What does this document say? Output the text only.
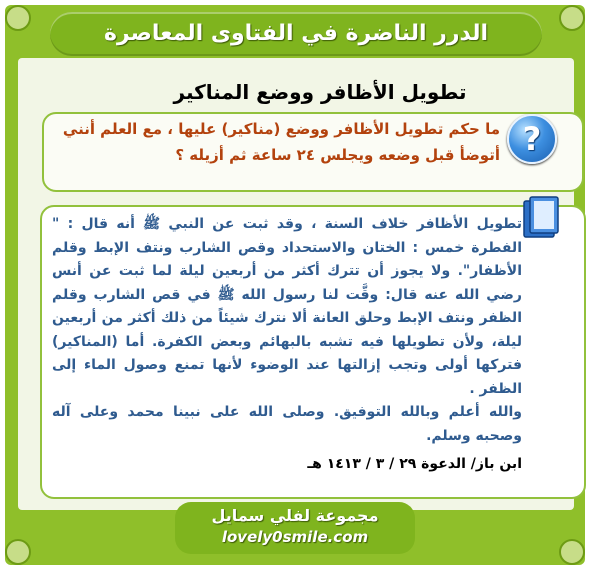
الدرر الناضرة في الفتاوى المعاصرة
تطويل الأظافر ووضع المناكير
?
ما حكم تطويل الأظافر ووضع (مناكير) عليها ، مع العلم أنني أتوضأ قبل وضعه ويجلس ٢٤ ساعة ثم أزيله ؟

تطويل الأظافر خلاف السنة ، وقد ثبت عن النبي ﷺ أنه قال : " الفطرة خمس : الختان والاستحداد وقص الشارب ونتف الإبط وقلم الأظفار". ولا يجوز أن تترك أكثر من أربعين ليلة لما ثبت عن أنس رضي الله عنه قال: وقَّت لنا رسول الله ﷺ في قص الشارب وقلم الظفر ونتف الإبط وحلق العانة ألا نترك شيئاً من ذلك أكثر من أربعين ليلة، ولأن تطويلها فيه تشبه بالبهائم وبعض الكفرة. أما (المناكير) فتركها أولى وتجب إزالتها عند الوضوء لأنها تمنع وصول الماء إلى الظفر .

والله أعلم وبالله التوفيق. وصلى الله على نبينا محمد وعلى آله وصحبه وسلم.

ابن باز/ الدعوة ٢٩ / ٣ / ١٤١٣ هـ
مجموعة لفلي سمايل
lovely0smile.com
